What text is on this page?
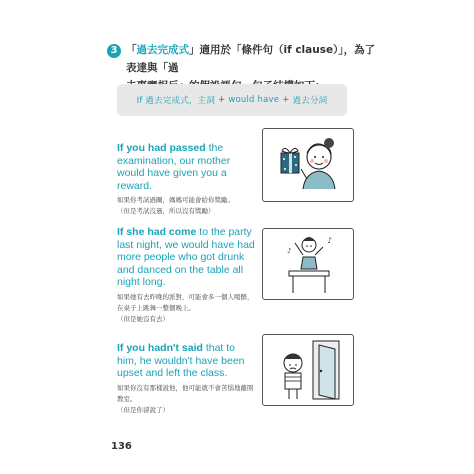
3 「過去完成式」適用於「條件句（if clause）」，為了表達與「過

If 過去完成式，主詞 + would have + 過去分詞
If you had passed the examination, our mother would have given you a reward.
如果你考試過關，媽媽可能會給你獎勵。
（但是考試沒過，所以沒有獎勵）
If she had come to the party last night, we would have had more people who got drunk and danced on the table all night long.
如果她有去昨晚的派對，可能會多一個人喝醉，在桌子上跳舞一整個晚上。
（但是她沒有去）
♪
♪
If you hadn't said that to him, he wouldn't have been upset and left the class.
如果你沒有那樣說他，他可能就不會苦惱地離開教室。
（但是你卻說了）
136
